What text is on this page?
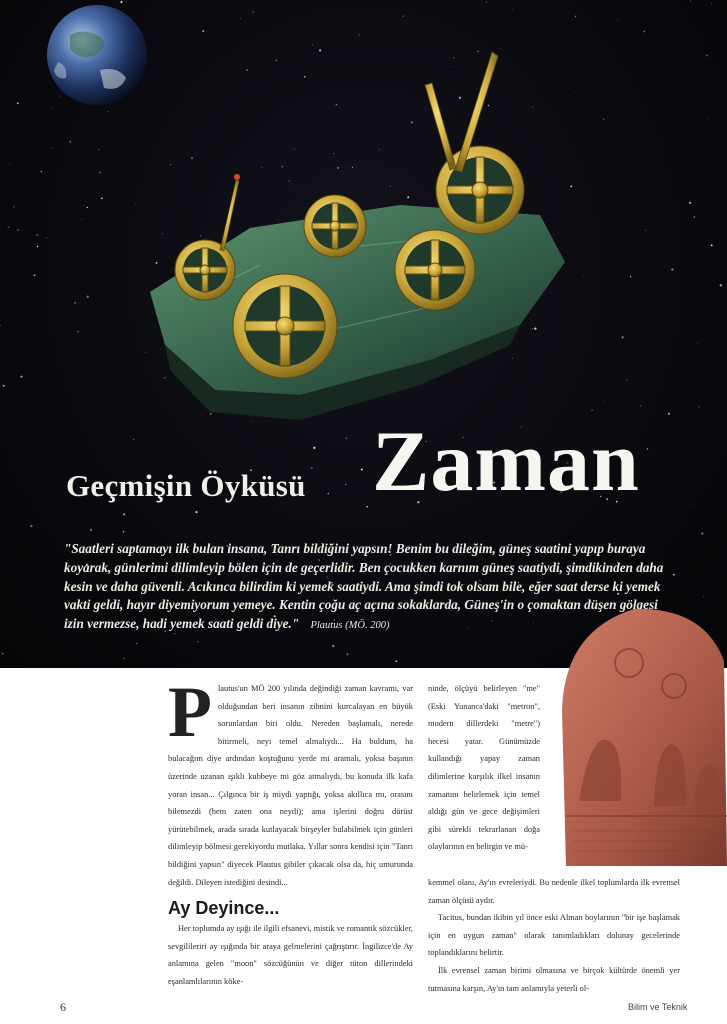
Geçmişin Öyküsü Zaman
"Saatleri saptamayı ilk bulan insana, Tanrı bildiğini yapsın! Benim bu dileğim, güneş saatini yapıp buraya koyarak, günlerimi dilimleyip bölen için de geçerlidir. Ben çocukken karnım güneş saatiydi, şimdikinden daha kesin ve daha güvenli. Acıkınca bilirdim ki yemek saatiydi. Ama şimdi tok olsam bile, eğer saat derse ki yemek vakti geldi, hayır diyemiyorum yemeye. Kentin çoğu aç açına sokaklarda, Güneş'in o çomaktan düşen gölgesi izin vermezse, hadi yemek saati geldi diye." Plautus (MÖ. 200)
P lautus'un MÖ 200 yılında değindiği zaman kavramı, var olduğundan beri insanın zihnini kurcalayan en büyük sorunlardan biri oldu. Nereden başlamalı, nerede bitirmeli, neyi temel almalıydı... Ha buldum, ha bulacağım diye ardından koştuğunu yerde mi aramalı, yoksa başının üzerinde uzanan ışıklı kubbeye mi göz atmalıydı, bu konuda ilk kafa yoran insan... Çılgınca bir iş miydi yaptığı, yoksa akıllıca mı, orasını bilemezdi (hem zaten ona neydi); ama işlerini doğru dürüst yürütebilmek, arada sırada kutlayacak birşeyler bulabilmek için günleri dilimleyip bölmesi gerekiyordu mutlaka. Yıllar sonra kendisi için "Tanrı bildiğini yapsın" diyecek Plautus gibiler çıkacak olsa da, hiç umurunda değildi. Dileyen istediğini desindi...

Ay Deyince...

Her toplumda ay ışığı ile ilgili efsanevi, mistik ve romantik sözcükler, sevgilileriri ay ışığında bir araya gelmelerini çağrıştırır. İngilizce'de Ay anlamına gelen "moon" sözcüğünün ve diğer tüton dillerindeki eşanlamlılarının köke-

ninde, ölçüyü belirleyen "me" (Eski Yunanca'daki "metron", modern dillerdeki "metre") hecesi yatar. Günümüzde kullandığı yapay zaman dilimlerine karşılık ilkel insanın zamanını belirlemek için temel aldığı gün ve gece değişimleri gibi sürekli tekrarlanan doğa olaylarının en belirgin ve mü-

kemmel olanı, Ay'ın evreleriydi. Bu nedenle ilkel toplumlarda ilk evrensel zaman ölçüsü aydır.

Tacitus, bundan ikibin yıl önce eski Alman boylarının "bir işe başlamak için en uygun zaman" olarak tanımladıkları dolunay gecelerinde toplandıklarını belirtir.

İlk evrensel zaman birimi olmasına ve birçok kültürde önemli yer tutmasına karşın, Ay'ın tam anlamıyla yeterli ol-

6	Bilim ve Teknik
